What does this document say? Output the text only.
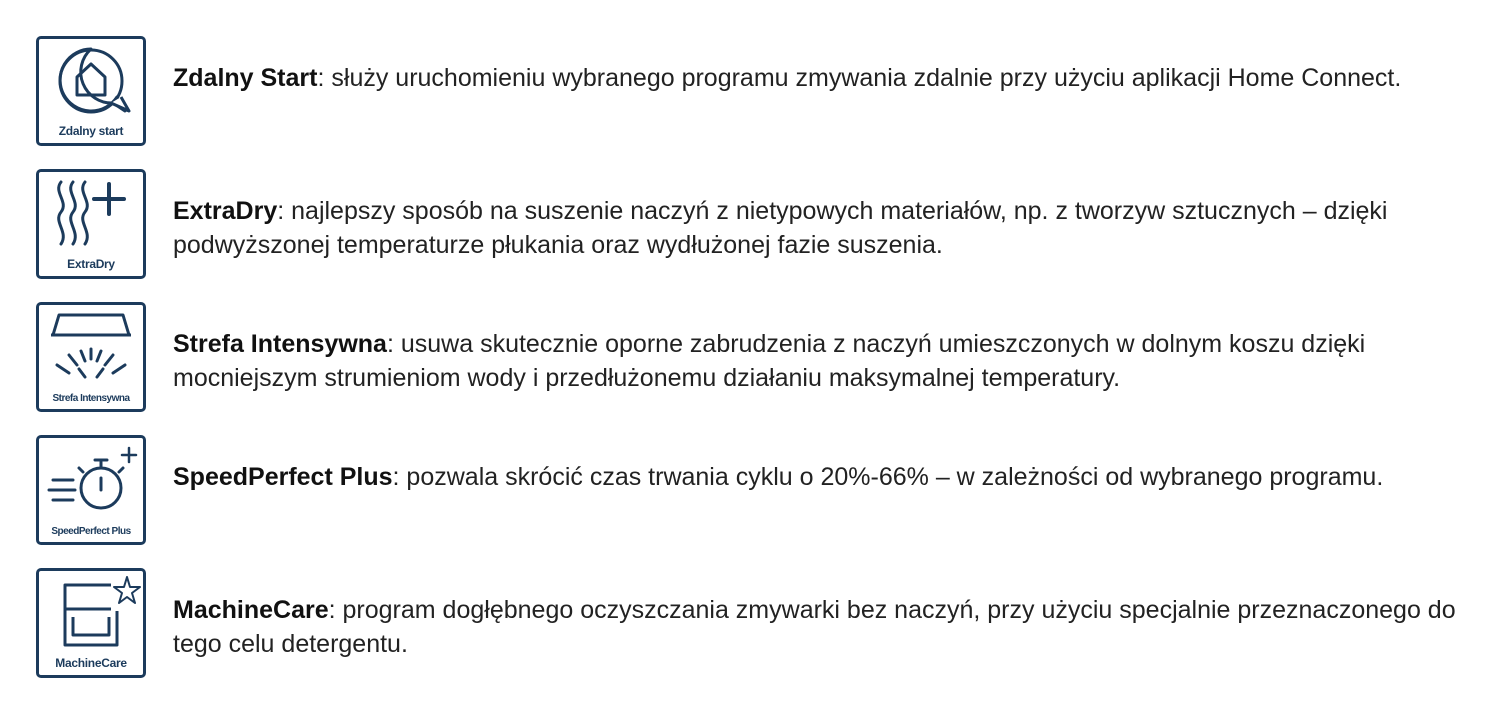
Zdalny start
Zdalny Start: służy uruchomieniu wybranego programu zmywania zdalnie przy użyciu aplikacji Home Connect.
ExtraDry
ExtraDry: najlepszy sposób na suszenie naczyń z nietypowych materiałów, np. z tworzyw sztucznych – dzięki podwyższonej temperaturze płukania oraz wydłużonej fazie suszenia.
Strefa Intensywna
Strefa Intensywna: usuwa skutecznie oporne zabrudzenia z naczyń umieszczonych w dolnym koszu dzięki mocniejszym strumieniom wody i przedłużonemu działaniu maksymalnej temperatury.
SpeedPerfect Plus
SpeedPerfect Plus: pozwala skrócić czas trwania cyklu o 20%-66% – w zależności od wybranego programu.
MachineCare
MachineCare: program dogłębnego oczyszczania zmywarki bez naczyń, przy użyciu specjalnie przeznaczonego do tego celu detergentu.
